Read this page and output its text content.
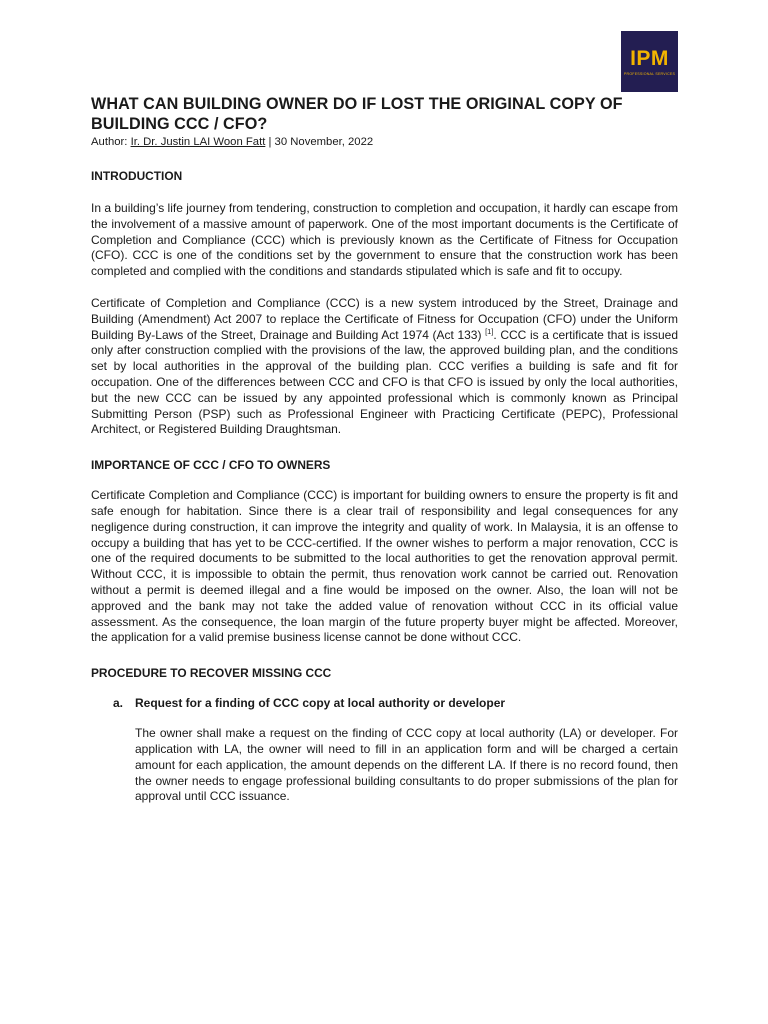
IPM
PROFESSIONAL SERVICES
WHAT CAN BUILDING OWNER DO IF LOST THE ORIGINAL COPY OF BUILDING CCC / CFO?
Author: Ir. Dr. Justin LAI Woon Fatt | 30 November, 2022
INTRODUCTION

In a building’s life journey from tendering, construction to completion and occupation, it hardly can escape from the involvement of a massive amount of paperwork. One of the most important documents is the Certificate of Completion and Compliance (CCC) which is previously known as the Certificate of Fitness for Occupation (CFO). CCC is one of the conditions set by the government to ensure that the construction work has been completed and complied with the conditions and standards stipulated which is safe and fit to occupy.

Certificate of Completion and Compliance (CCC) is a new system introduced by the Street, Drainage and Building (Amendment) Act 2007 to replace the Certificate of Fitness for Occupation (CFO) under the Uniform Building By-Laws of the Street, Drainage and Building Act 1974 (Act 133) [1]. CCC is a certificate that is issued only after construction complied with the provisions of the law, the approved building plan, and the conditions set by local authorities in the approval of the building plan. CCC verifies a building is safe and fit for occupation. One of the differences between CCC and CFO is that CFO is issued by only the local authorities, but the new CCC can be issued by any appointed professional which is commonly known as Principal Submitting Person (PSP) such as Professional Engineer with Practicing Certificate (PEPC), Professional Architect, or Registered Building Draughtsman.

IMPORTANCE OF CCC / CFO TO OWNERS

Certificate Completion and Compliance (CCC) is important for building owners to ensure the property is fit and safe enough for habitation. Since there is a clear trail of responsibility and legal consequences for any negligence during construction, it can improve the integrity and quality of work. In Malaysia, it is an offense to occupy a building that has yet to be CCC-certified. If the owner wishes to perform a major renovation, CCC is one of the required documents to be submitted to the local authorities to get the renovation approval permit. Without CCC, it is impossible to obtain the permit, thus renovation work cannot be carried out. Renovation without a permit is deemed illegal and a fine would be imposed on the owner. Also, the loan will not be approved and the bank may not take the added value of renovation without CCC in its official value assessment. As the consequence, the loan margin of the future property buyer might be affected. Moreover, the application for a valid premise business license cannot be done without CCC.

PROCEDURE TO RECOVER MISSING CCC
a. Request for a finding of CCC copy at local authority or developer

The owner shall make a request on the finding of CCC copy at local authority (LA) or developer. For application with LA, the owner will need to fill in an application form and will be charged a certain amount for each application, the amount depends on the different LA. If there is no record found, then the owner needs to engage professional building consultants to do proper submissions of the plan for approval until CCC issuance.
